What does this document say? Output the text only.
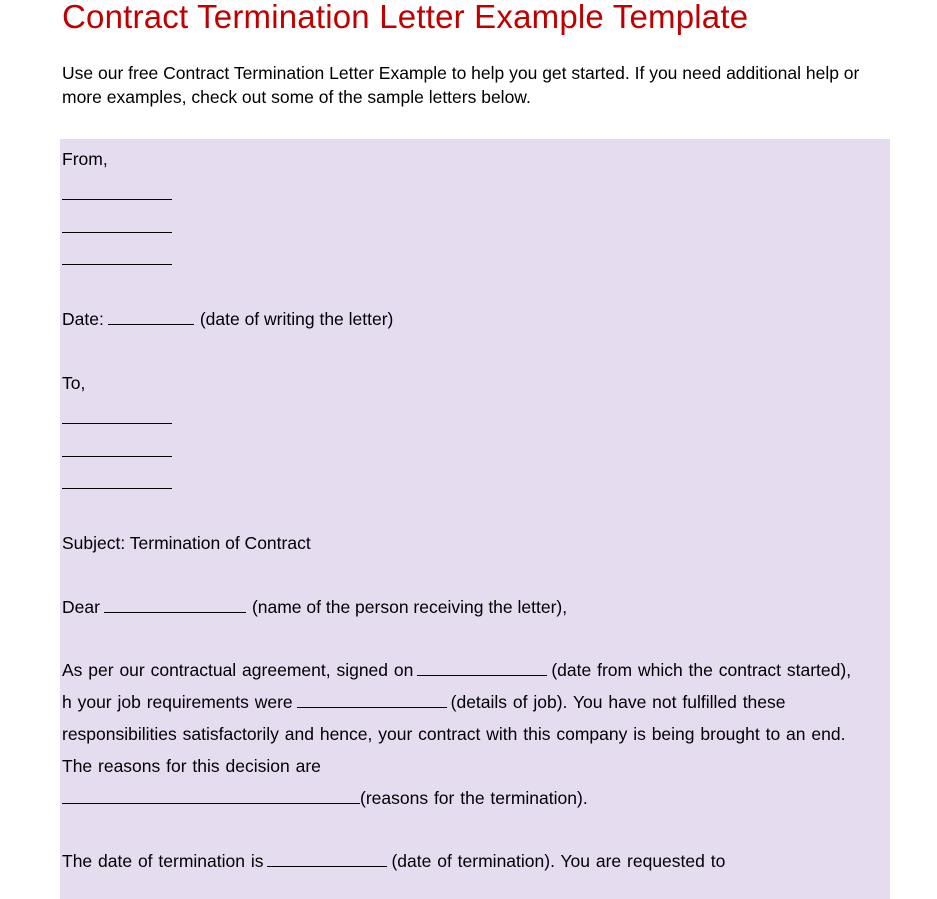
Contract Termination Letter Example Template

Use our free Contract Termination Letter Example to help you get started. If you need additional help or more examples, check out some of the sample letters below.

From,

Date:	(date of writing the letter)

To,

Subject: Termination of Contract

Dear	(name of the person receiving the letter),

As per our contractual agreement, signed on	(date from which the contract started), h your job requirements were	(details of job). You have not fulfilled these responsibilities satisfactorily and hence, your contract with this company is being brought to an end. The reasons for this decision are
(reasons for the termination).

The date of termination is	(date of termination). You are requested to
